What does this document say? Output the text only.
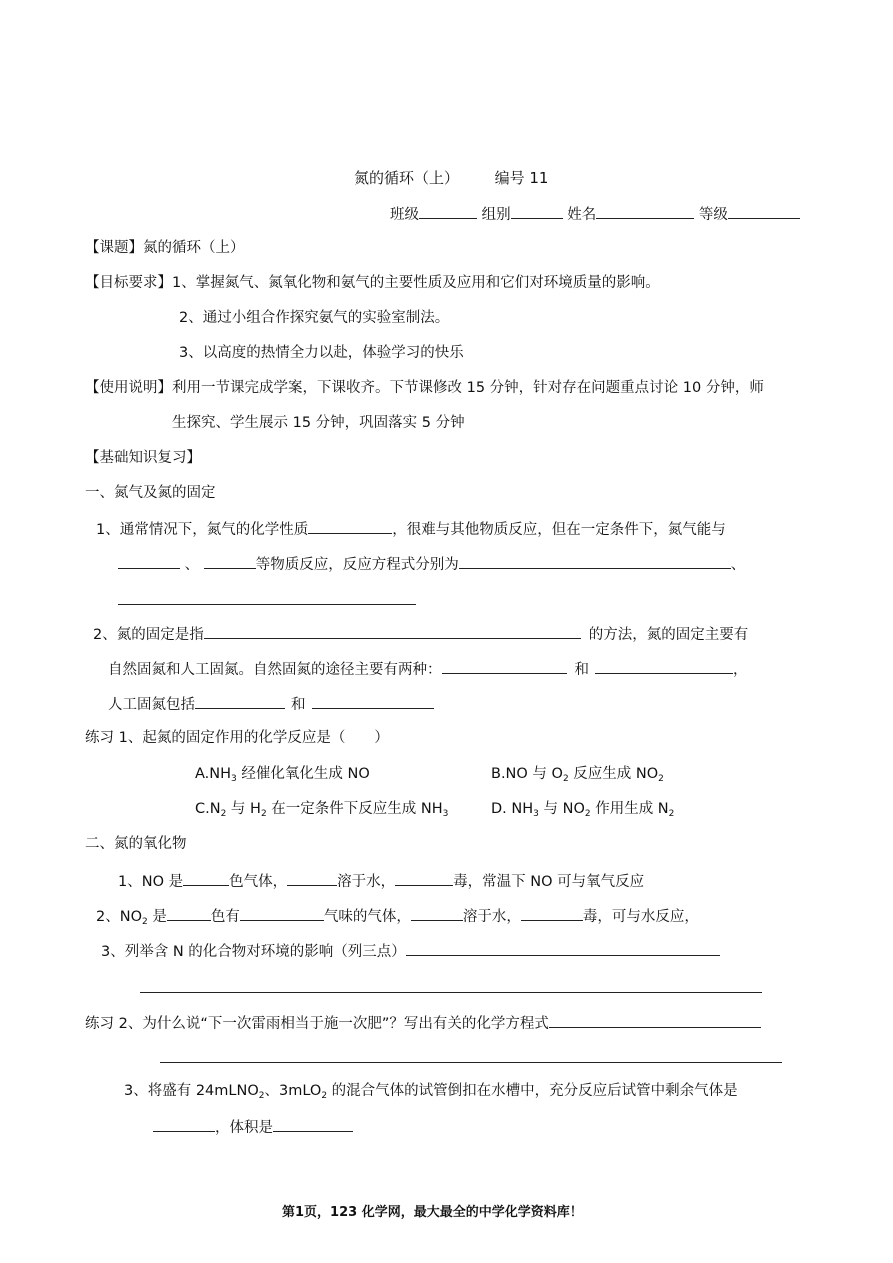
氮的循环（上） 编号 11
班级	组别	姓名	等级
【课题】氮的循环（上）
【目标要求】1、掌握氮气、氮氧化物和氨气的主要性质及应用和它们对环境质量的影响。
2、通过小组合作探究氨气的实验室制法。
3、以高度的热情全力以赴，体验学习的快乐
【使用说明】利用一节课完成学案，下课收齐。下节课修改 15 分钟，针对存在问题重点讨论 10 分钟，师
生探究、学生展示 15 分钟，巩固落实 5 分钟
【基础知识复习】
一、氮气及氮的固定
1、通常情况下，氮气的化学性质	，很难与其他物质反应，但在一定条件下，氮气能与
、	等物质反应，反应方程式分别为	、
2、氮的固定是指	的方法，氮的固定主要有
自然固氮和人工固氮。自然固氮的途径主要有两种：	和	，
人工固氮包括	和
练习 1、起氮的固定作用的化学反应是（　　）
$A.NH_3$ 经催化氧化生成 NO	B.NO 与 $O_2$ 反应生成 $NO_2$
$C.N_2$ 与 $H_2$ 在一定条件下反应生成 $NH_3$	D. $NH_3$ 与 $NO_2$ 作用生成 $N_2$
二、氮的氧化物
1、NO 是	色气体，	溶于水，	毒，常温下 NO 可与氧气反应
2、$NO_2$ 是	色有	气味的气体，	溶于水，	毒，可与水反应，
3、列举含 N 的化合物对环境的影响（列三点）
练习 2、为什么说“下一次雷雨相当于施一次肥”？写出有关的化学方程式
3、将盛有 24mLNO$_2$、3mLO$_2$ 的混合气体的试管倒扣在水槽中，充分反应后试管中剩余气体是
，体积是
第1页，123 化学网，最大最全的中学化学资料库！
